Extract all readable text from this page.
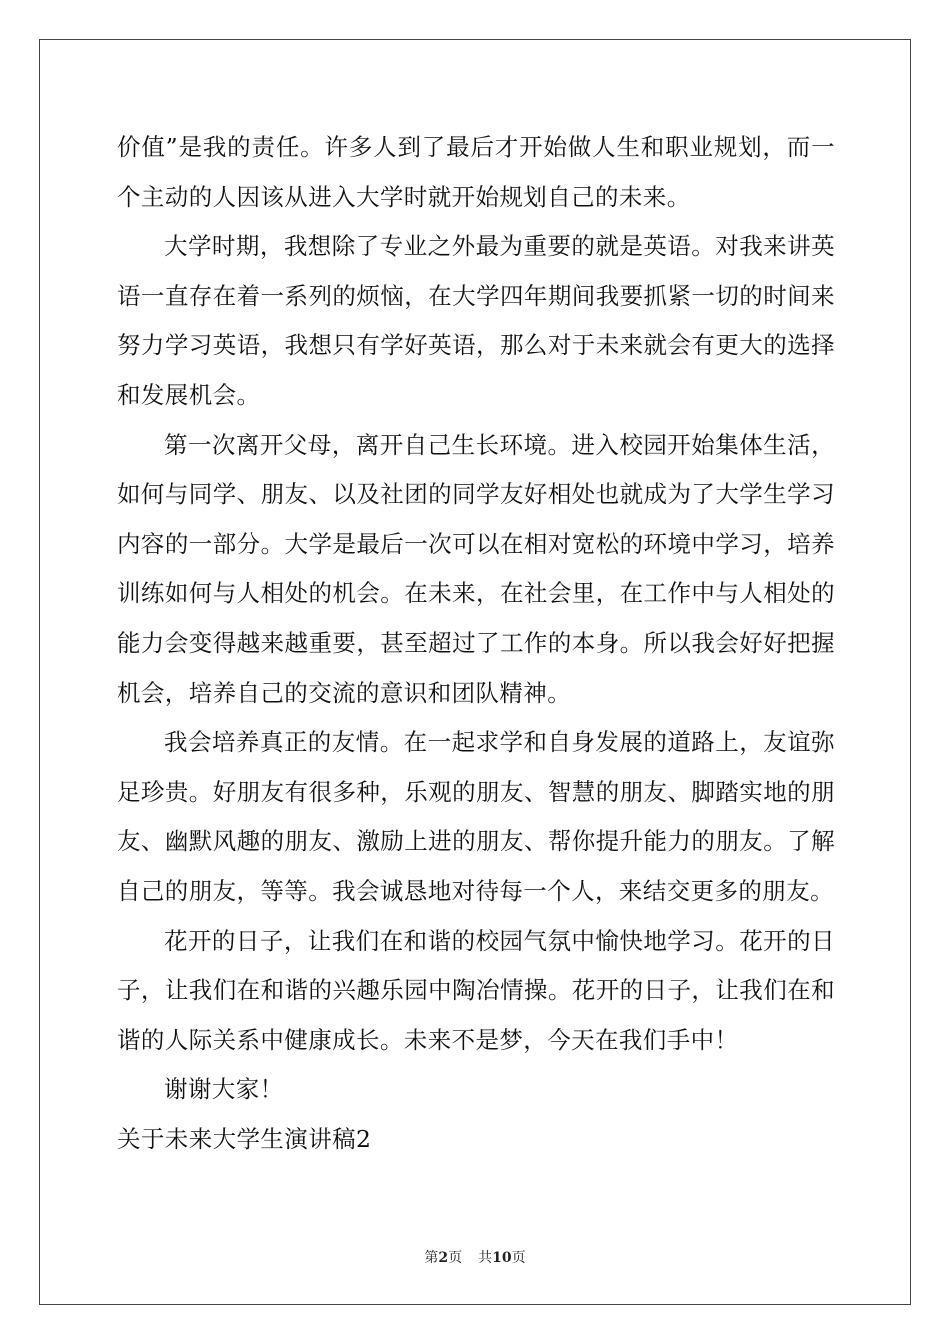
价值”是我的责任。许多人到了最后才开始做人生和职业规划，而一个主动的人因该从进入大学时就开始规划自己的未来。

大学时期，我想除了专业之外最为重要的就是英语。对我来讲英语一直存在着一系列的烦恼，在大学四年期间我要抓紧一切的时间来努力学习英语，我想只有学好英语，那么对于未来就会有更大的选择和发展机会。

第一次离开父母，离开自己生长环境。进入校园开始集体生活，如何与同学、朋友、以及社团的同学友好相处也就成为了大学生学习内容的一部分。大学是最后一次可以在相对宽松的环境中学习，培养训练如何与人相处的机会。在未来，在社会里，在工作中与人相处的能力会变得越来越重要，甚至超过了工作的本身。所以我会好好把握机会，培养自己的交流的意识和团队精神。

我会培养真正的友情。在一起求学和自身发展的道路上，友谊弥足珍贵。好朋友有很多种，乐观的朋友、智慧的朋友、脚踏实地的朋友、幽默风趣的朋友、激励上进的朋友、帮你提升能力的朋友。了解自己的朋友，等等。我会诚恳地对待每一个人，来结交更多的朋友。

花开的日子，让我们在和谐的校园气氛中愉快地学习。花开的日子，让我们在和谐的兴趣乐园中陶冶情操。花开的日子，让我们在和谐的人际关系中健康成长。未来不是梦，今天在我们手中！

谢谢大家！

关于未来大学生演讲稿2

第2页 共10页
